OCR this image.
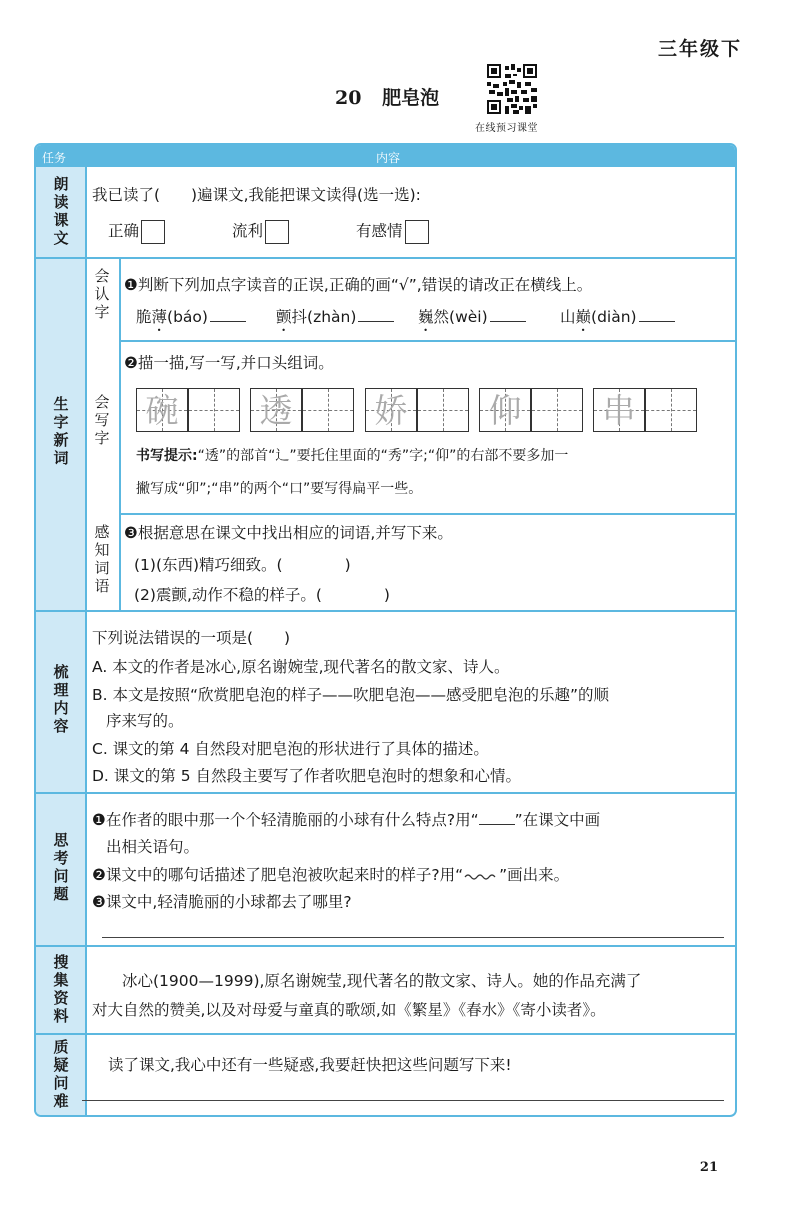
三年级下
20 肥皂泡
在线预习课堂
任务	内容
朗读课文
我已读了(　　)遍课文,我能把课文读得(选一选):
正确	流利	有感情
生字新词
会认字
❶判断下列加点字读音的正误,正确的画“√”,错误的请改正在横线上。
脆薄(báo)	颤抖(zhàn)	巍然(wèi)	山巅(diàn)
会写字
❷描一描,写一写,并口头组词。
碗 透 娇 仰 串
书写提示:“透”的部首“辶”要托住里面的“秀”字;“仰”的右部不要多加一
撇写成“卯”;“串”的两个“口”要写得扁平一些。
感知词语
❸根据意思在课文中找出相应的词语,并写下来。
(1)(东西)精巧细致。(　　　　)
(2)震颤,动作不稳的样子。(　　　　)
梳理内容
下列说法错误的一项是(　　)
A. 本文的作者是冰心,原名谢婉莹,现代著名的散文家、诗人。
B. 本文是按照“欣赏肥皂泡的样子——吹肥皂泡——感受肥皂泡的乐趣”的顺
序来写的。
C. 课文的第 4 自然段对肥皂泡的形状进行了具体的描述。
D. 课文的第 5 自然段主要写了作者吹肥皂泡时的想象和心情。
思考问题
❶在作者的眼中那一个个轻清脆丽的小球有什么特点?用“ ”在课文中画
出相关语句。
❷课文中的哪句话描述了肥皂泡被吹起来时的样子?用“ ”画出来。
❸课文中,轻清脆丽的小球都去了哪里?
搜集资料
冰心(1900—1999),原名谢婉莹,现代著名的散文家、诗人。她的作品充满了
对大自然的赞美,以及对母爱与童真的歌颂,如《繁星》《春水》《寄小读者》。
质疑问难
读了课文,我心中还有一些疑惑,我要赶快把这些问题写下来!
21
